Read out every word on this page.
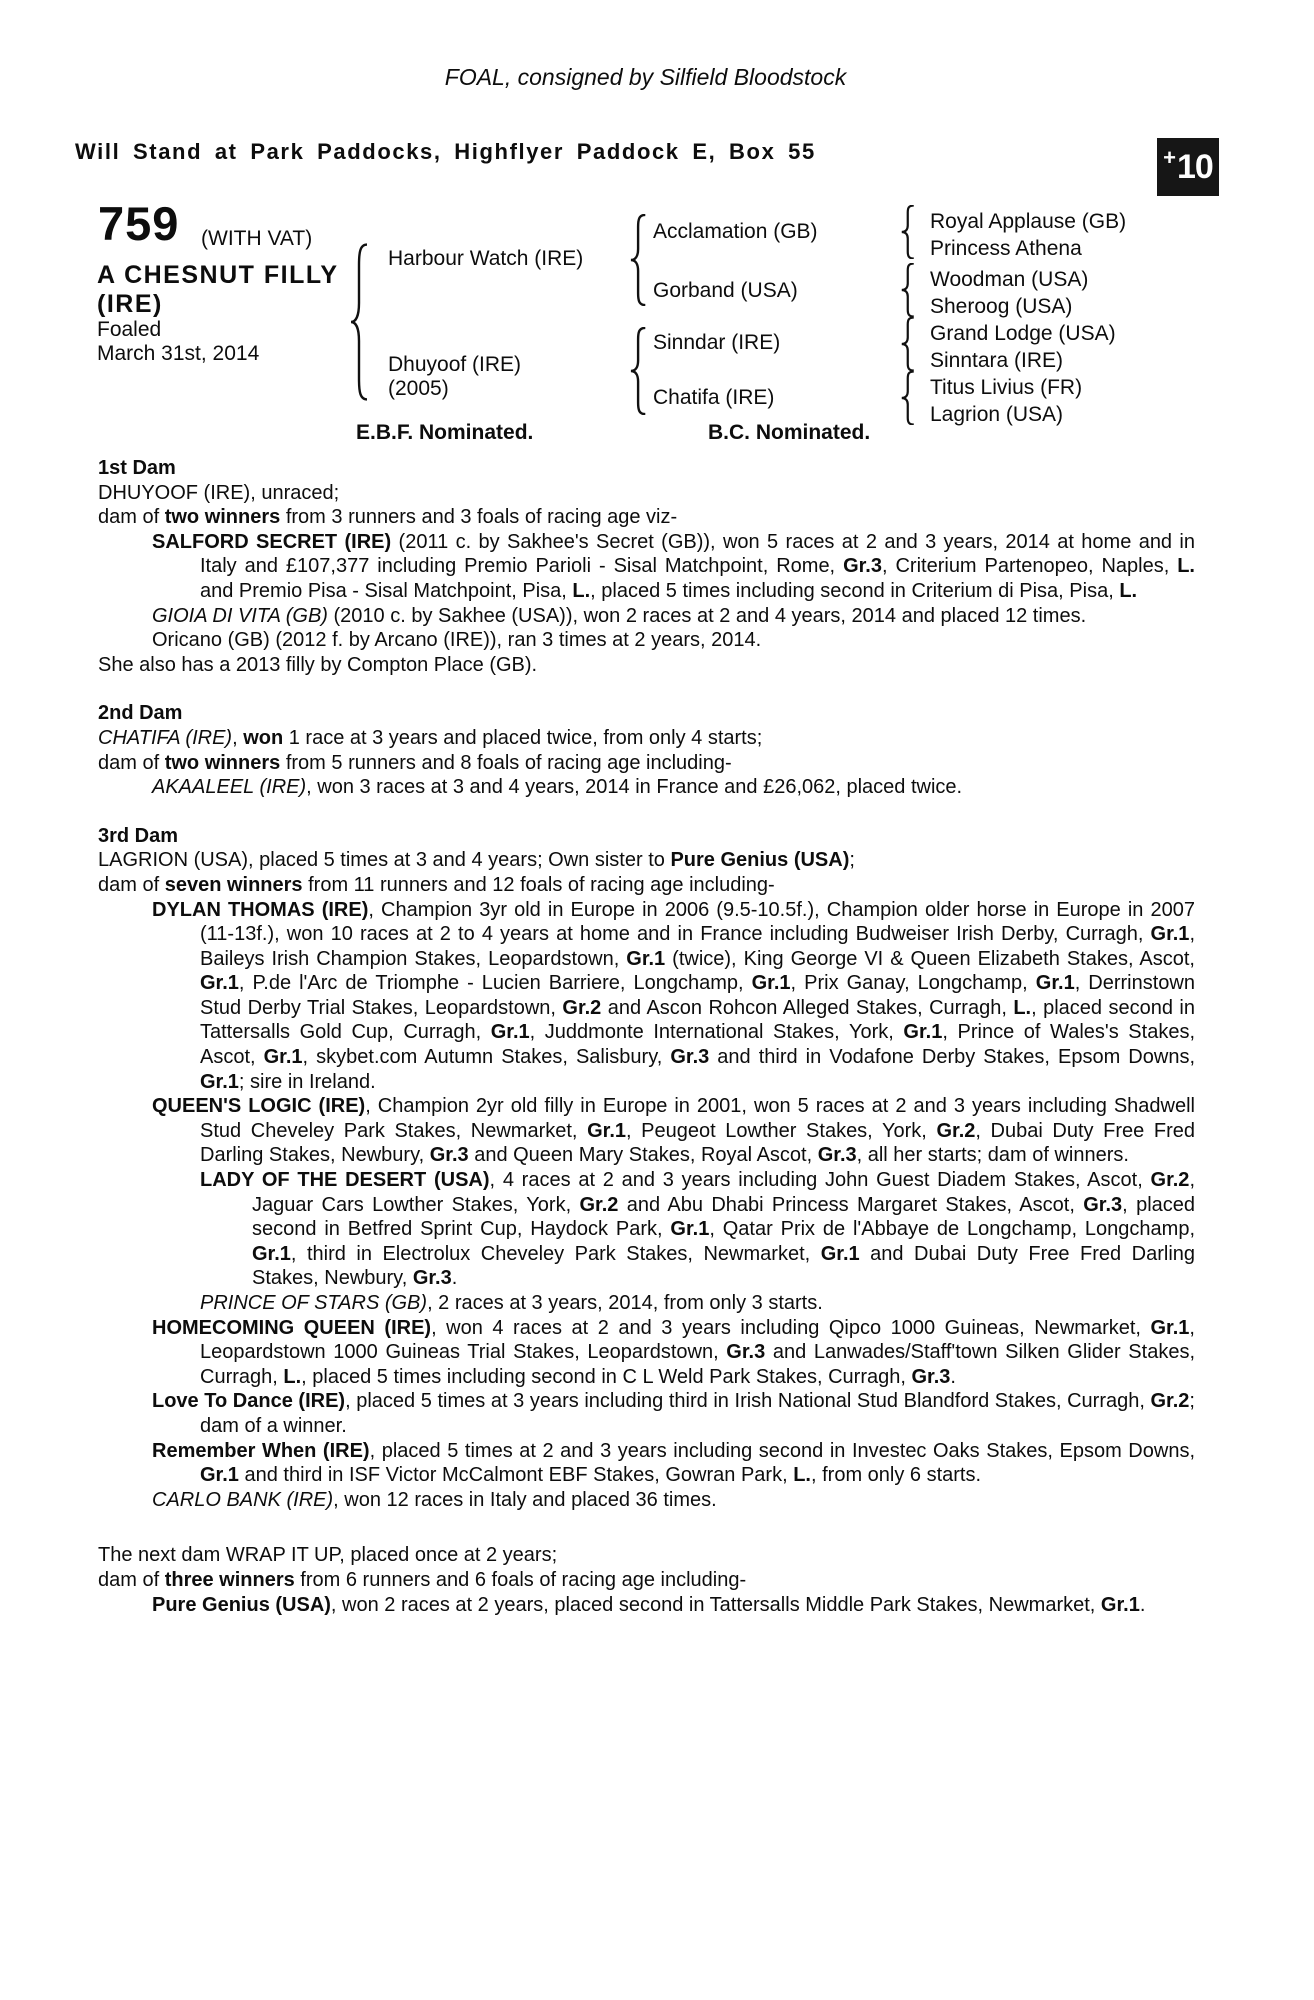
FOAL, consigned by Silfield Bloodstock
Will Stand at Park Paddocks, Highflyer Paddock E, Box 55	+ 10
759 (WITH VAT)
A CHESNUT FILLY
(IRE)
Foaled
March 31st, 2014
Harbour Watch (IRE)
Dhuyoof (IRE)
(2005)
Acclamation (GB)
Gorband (USA)
Sinndar (IRE)
Chatifa (IRE)
Royal Applause (GB)
Princess Athena
Woodman (USA)
Sheroog (USA)
Grand Lodge (USA)
Sinntara (IRE)
Titus Livius (FR)
Lagrion (USA)
E.B.F. Nominated.	B.C. Nominated.

1st Dam

DHUYOOF (IRE), unraced;

dam of two winners from 3 runners and 3 foals of racing age viz-

SALFORD SECRET (IRE) (2011 c. by Sakhee's Secret (GB)), won 5 races at 2 and 3 years, 2014 at home and in Italy and £107,377 including Premio Parioli - Sisal Matchpoint, Rome, Gr.3, Criterium Partenopeo, Naples, L. and Premio Pisa - Sisal Matchpoint, Pisa, L., placed 5 times including second in Criterium di Pisa, Pisa, L.

GIOIA DI VITA (GB) (2010 c. by Sakhee (USA)), won 2 races at 2 and 4 years, 2014 and placed 12 times.

Oricano (GB) (2012 f. by Arcano (IRE)), ran 3 times at 2 years, 2014.

She also has a 2013 filly by Compton Place (GB).

2nd Dam

CHATIFA (IRE), won 1 race at 3 years and placed twice, from only 4 starts;

dam of two winners from 5 runners and 8 foals of racing age including-

AKAALEEL (IRE), won 3 races at 3 and 4 years, 2014 in France and £26,062, placed twice.

3rd Dam

LAGRION (USA), placed 5 times at 3 and 4 years; Own sister to Pure Genius (USA);

dam of seven winners from 11 runners and 12 foals of racing age including-

DYLAN THOMAS (IRE), Champion 3yr old in Europe in 2006 (9.5-10.5f.), Champion older horse in Europe in 2007 (11-13f.), won 10 races at 2 to 4 years at home and in France including Budweiser Irish Derby, Curragh, Gr.1, Baileys Irish Champion Stakes, Leopardstown, Gr.1 (twice), King George VI & Queen Elizabeth Stakes, Ascot, Gr.1, P.de l'Arc de Triomphe - Lucien Barriere, Longchamp, Gr.1, Prix Ganay, Longchamp, Gr.1, Derrinstown Stud Derby Trial Stakes, Leopardstown, Gr.2 and Ascon Rohcon Alleged Stakes, Curragh, L., placed second in Tattersalls Gold Cup, Curragh, Gr.1, Juddmonte International Stakes, York, Gr.1, Prince of Wales's Stakes, Ascot, Gr.1, skybet.com Autumn Stakes, Salisbury, Gr.3 and third in Vodafone Derby Stakes, Epsom Downs, Gr.1; sire in Ireland.

QUEEN'S LOGIC (IRE), Champion 2yr old filly in Europe in 2001, won 5 races at 2 and 3 years including Shadwell Stud Cheveley Park Stakes, Newmarket, Gr.1, Peugeot Lowther Stakes, York, Gr.2, Dubai Duty Free Fred Darling Stakes, Newbury, Gr.3 and Queen Mary Stakes, Royal Ascot, Gr.3, all her starts; dam of winners.

LADY OF THE DESERT (USA), 4 races at 2 and 3 years including John Guest Diadem Stakes, Ascot, Gr.2, Jaguar Cars Lowther Stakes, York, Gr.2 and Abu Dhabi Princess Margaret Stakes, Ascot, Gr.3, placed second in Betfred Sprint Cup, Haydock Park, Gr.1, Qatar Prix de l'Abbaye de Longchamp, Longchamp, Gr.1, third in Electrolux Cheveley Park Stakes, Newmarket, Gr.1 and Dubai Duty Free Fred Darling Stakes, Newbury, Gr.3.

PRINCE OF STARS (GB), 2 races at 3 years, 2014, from only 3 starts.

HOMECOMING QUEEN (IRE), won 4 races at 2 and 3 years including Qipco 1000 Guineas, Newmarket, Gr.1, Leopardstown 1000 Guineas Trial Stakes, Leopardstown, Gr.3 and Lanwades/Staff'town Silken Glider Stakes, Curragh, L., placed 5 times including second in C L Weld Park Stakes, Curragh, Gr.3.

Love To Dance (IRE), placed 5 times at 3 years including third in Irish National Stud Blandford Stakes, Curragh, Gr.2; dam of a winner.

Remember When (IRE), placed 5 times at 2 and 3 years including second in Investec Oaks Stakes, Epsom Downs, Gr.1 and third in ISF Victor McCalmont EBF Stakes, Gowran Park, L., from only 6 starts.

CARLO BANK (IRE), won 12 races in Italy and placed 36 times.

The next dam WRAP IT UP, placed once at 2 years;

dam of three winners from 6 runners and 6 foals of racing age including-

Pure Genius (USA), won 2 races at 2 years, placed second in Tattersalls Middle Park Stakes, Newmarket, Gr.1.
